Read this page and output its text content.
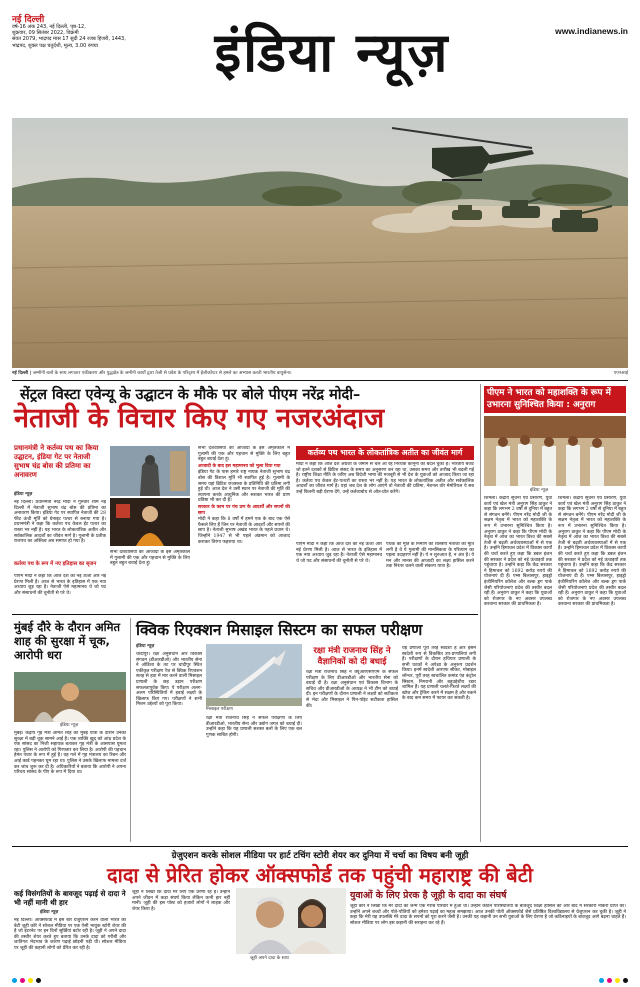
नई दिल्ली
वर्ष-16 अंक 243, नई दिल्ली, पृष्ठ-12,
शुक्रवार, 09 सितंबर 2022, विक्रमी
संवत 2079, भाद्रपद मास 17 सुदी 24 रजब हिजरी, 1443,
भाद्रपद, शुक्ल पक्ष चतुर्दशी, मूल्य, 3.00 रुपया
www.indianews.in
इंडिया न्यूज़
नई दिल्ली | जम्मीनी बलों के साथ लगातार एकीकरण और युद्धक्षेत्र के जमीनी कार्यों द्वारा तेजी से प्रवेश के परिदृश्य में हेलीकॉप्टर से हमले का अभ्यास करती भारतीय वायुसेना।	एएनआई
सेंट्रल विस्टा एवेन्यू के उद्घाटन के मौके पर बोले पीएम नरेंद्र मोदी–
नेताजी के विचार किए गए नजरअंदाज
प्रधानमंत्री ने कर्तव्य पथ का किया उद्घाटन, इंडिया गेट पर नेताजी सुभाष चंद्र बोस की प्रतिमा का अनावरण
इंडिया न्यूज़
नई दिल्ली। प्रधानमंत्री नरेंद्र मोदी ने गुरुवार शाम नई दिल्ली में नेताजी सुभाष चंद्र बोस की प्रतिमा का अनावरण किया। इंडिया गेट पर स्थापित नेताजी की 28 फीट ऊंची मूर्ति को ग्रेनाइट पत्थर से बनाया गया है। प्रधानमंत्री ने कहा कि कर्तव्य पथ केवल ईंट पत्थर का रास्ता भर नहीं है। यह भारत के लोकतांत्रिक अतीत और सर्वकालिक आदर्शों का जीवंत मार्ग है। गुलामी के प्रतीक राजपथ का अस्तित्व अब समाप्त हो गया है।
कर्तव्य पथ के रूप में नए इतिहास का सृजन
पीएम मोदी ने कहा कि आज देश को नई ऊर्जा और नई प्रेरणा मिली है। आज से भारत के इतिहास में एक नया अध्याय जुड़ रहा है। नेताजी ऐसे महामानव थे जो पद और संसाधनों की चुनौती से परे थे।
सभी देशवासियों को आजादी के इस अमृतकाल में गुलामी की एक और पहचान से मुक्ति के लिए बहुत बहुत बधाई देता हूं।
सभी देशवासियों को आजादी के इस अमृतकाल में गुलामी की एक और पहचान से मुक्ति के लिए बहुत बहुत बधाई देता हूं।
आजादी के बाद इस महामानव को भुला दिया गया
इंडिया गेट के पास हमारे राष्ट्र नायक नेताजी सुभाष चंद्र बोस की विशाल मूर्ति भी स्थापित हुई है। गुलामी के समय यहां ब्रिटिश राजसत्ता के प्रतिनिधि की प्रतिमा लगी हुई थी। आज देश ने उसी स्थान पर नेताजी की मूर्ति की स्थापना करके आधुनिक और सशक्त भारत की प्राण प्रतिष्ठा भी कर दी है।
सरकार के काम पर पंच प्रण के आदर्शों और सपनों की छाप
मोदी ने कहा कि 8 वर्षों में हमने एक के बाद एक ऐसे फैसले लिए हैं जिन पर नेताजी के आदर्शों और सपनों की छाप है। नेताजी सुभाष अखंड भारत के पहले प्रधान थे। जिन्होंने 1947 से भी पहले अंडमान को आजाद कराकर तिरंगा फहराया था।
कर्तव्य पथ भारत के लोकतांत्रिक अतीत का जीवंत मार्ग
मोदी ने कहा कि आज देश अंग्रेजों के जमाने से चले आ रहे निरर्थक कानूनों को बदल चुका है। भारतीय बजट जो इतने दशकों से ब्रिटिश संसद के समय का अनुसरण कर रहा था, उसका समय और तारीख भी बदली गई है। राष्ट्रीय शिक्षा नीति के जरिए अब विदेशी भाषा की मजबूरी से भी देश के युवाओं को आजाद किया जा रहा है। कर्तव्य पथ केवल ईंट-पत्थरों का रास्ता भर नहीं है। यह भारत के लोकतांत्रिक अतीत और सर्वकालिक आदर्शों का जीवंत मार्ग है। यहां जब देश के लोग आएंगे तो नेताजी की प्रतिमा, नेशनल वॉर मेमोरियल ये सब उन्हें कितनी बड़ी प्रेरणा देंगे, उन्हें कर्तव्यबोध से ओत-प्रोत करेंगे।
पंथक की मूर्ति के निर्माण को शास्त्रीय नेताजी की मूर्ति लगी है वे ये गुलामी की मानसिकता के परित्याग का पहला उदाहरण नहीं है। ये न शुरुआत है, न अंत है। ये मन और मानस की आजादी का लक्ष्य हासिल करने तक निरंतर चलने वाली संकल्प यात्रा है।
पीएम मोदी ने कहा कि आज देश को नई ऊर्जा और नई प्रेरणा मिली है। आज से भारत के इतिहास में एक नया अध्याय जुड़ रहा है। नेताजी ऐसे महामानव थे जो पद और संसाधनों की चुनौती से परे थे।
पीएम ने भारत को महाशक्ति के रूप में उभारना सुनिश्चित किया : अनुराग
इंडिया न्यूज़
शिमला। केंद्रीय सूचना एवं प्रसारण, युवा कार्य एवं खेल मंत्री अनुराग सिंह ठाकुर ने कहा कि लगभग 2 वर्षों से दुनिया में बहुत से संगठन बनेंगे। पीएम नरेंद्र मोदी जी के सक्षम नेतृत्व में भारत को महाशक्ति के रूप में उभारना सुनिश्चित किया है। अनुराग ठाकुर ने कहा कि पीएम मोदी के नेतृत्व में आज का भारत विश्व की सबसे तेजी से बढ़ती अर्थव्यवस्थाओं में से एक है। उन्होंने हिमाचल प्रदेश में विकास कार्यों की चर्चा करते हुए कहा कि डबल इंजन की सरकार ने प्रदेश को नई ऊंचाइयों तक पहुंचाया है। उन्होंने कहा कि केंद्र सरकार ने हिमाचल को 1692 करोड़ रुपये की योजनाएं दी हैं। एम्स बिलासपुर, हाइड्रो इंजीनियरिंग कॉलेज और बल्क ड्रग पार्क जैसी परियोजनाएं प्रदेश की तस्वीर बदल रही हैं। अनुराग ठाकुर ने कहा कि युवाओं को रोजगार के नए अवसर उपलब्ध करवाना सरकार की प्राथमिकता है।
शिमला। केंद्रीय सूचना एवं प्रसारण, युवा कार्य एवं खेल मंत्री अनुराग सिंह ठाकुर ने कहा कि लगभग 2 वर्षों से दुनिया में बहुत से संगठन बनेंगे। पीएम नरेंद्र मोदी जी के सक्षम नेतृत्व में भारत को महाशक्ति के रूप में उभारना सुनिश्चित किया है। अनुराग ठाकुर ने कहा कि पीएम मोदी के नेतृत्व में आज का भारत विश्व की सबसे तेजी से बढ़ती अर्थव्यवस्थाओं में से एक है। उन्होंने हिमाचल प्रदेश में विकास कार्यों की चर्चा करते हुए कहा कि डबल इंजन की सरकार ने प्रदेश को नई ऊंचाइयों तक पहुंचाया है। उन्होंने कहा कि केंद्र सरकार ने हिमाचल को 1692 करोड़ रुपये की योजनाएं दी हैं। एम्स बिलासपुर, हाइड्रो इंजीनियरिंग कॉलेज और बल्क ड्रग पार्क जैसी परियोजनाएं प्रदेश की तस्वीर बदल रही हैं। अनुराग ठाकुर ने कहा कि युवाओं को रोजगार के नए अवसर उपलब्ध करवाना सरकार की प्राथमिकता है।
मुंबई दौरे के दौरान अमित शाह की सुरक्षा में चूक, आरोपी धरा
इंडिया न्यूज़
मुंबई। केंद्रीय गृह मंत्री अमित शाह की मुंबई यात्रा के दौरान उनकी सुरक्षा में बड़ी चूक सामने आई है। एक व्यक्ति खुद को आंध्र प्रदेश के एक सांसद का निजी सहायक बताकर गृह मंत्री के आसपास घूमता रहा। पुलिस ने आरोपी को गिरफ्तार कर लिया है। आरोपी की पहचान हेमंत पवार के रूप में हुई है। वह गले में गृह मंत्रालय का रिबन और आई कार्ड पहनकर घूम रहा था। पुलिस ने उसके खिलाफ मामला दर्ज कर जांच शुरू कर दी है। अधिकारियों ने बताया कि आरोपी ने अपना परिचय सांसद के पीए के रूप में दिया था।
क्विक रिएक्शन मिसाइल सिस्टम का सफल परीक्षण
इंडिया न्यूज़
चांदीपुर। रक्षा अनुसंधान और विकास संगठन (डीआरडीओ) और भारतीय सेना ने ओडिशा के तट पर चांदीपुर स्थित एकीकृत परीक्षण रेंज से क्विक रिएक्शन सतह से हवा में मार करने वाली मिसाइल प्रणाली के छह उड़ान परीक्षण सफलतापूर्वक किए। ये परीक्षण अलग-अलग परिस्थितियों में हवाई लक्ष्यों के खिलाफ किए गए। परीक्षणों ने सभी मिशन उद्देश्यों को पूरा किया।
मिसाइल परीक्षण
रक्षा मंत्री राजनाथ सिंह ने सफल परीक्षणों के लिए डीआरडीओ, भारतीय सेना और उद्योग जगत को बधाई दी। उन्होंने कहा कि यह प्रणाली सशस्त्र बलों के लिए एक बल गुणक साबित होगी।
रक्षा मंत्री राजनाथ सिंह ने वैज्ञानिकों को दी बधाई
रक्षा मंत्री राजनाथ सिंह ने क्यूआरएसएएम के सफल परीक्षण के लिए डीआरडीओ और भारतीय सेना को बधाई दी है। रक्षा अनुसंधान एवं विकास विभाग के सचिव और डीआरडीओ के अध्यक्ष ने भी टीम को बधाई दी। इन परीक्षणों के दौरान प्रणाली ने लक्ष्यों को सटीकता से भेदा और मिसाइल ने पिन-पॉइंट सटीकता हासिल की।
यह प्रणाली पूरी तरह स्वदेशी है और इसमें स्वदेशी रूप से विकसित उप-प्रणालियां लगी हैं। परीक्षणों के दौरान हथियार प्रणाली के सभी घटकों ने अपेक्षा के अनुरूप प्रदर्शन किया। इनमें स्वदेशी आरएफ सीकर, मोबाइल लॉन्चर, पूरी तरह स्वचालित कमांड एंड कंट्रोल सिस्टम, निगरानी और बहुउद्देशीय रडार शामिल हैं। यह प्रणाली चलते-फिरते लक्ष्यों की खोज और ट्रैकिंग करने में सक्षम है और रुकने के बाद कम समय में फायर कर सकती है।
ग्रेजुएशन करके सोशल मीडिया पर हार्ट टचिंग स्टोरी शेयर कर दुनिया में चर्चा का विषय बनी जूही
दादा से प्रेरित होकर ऑक्सफोर्ड तक पहुंची महाराष्ट्र की बेटी
कई विसंगतियों के बावजूद पढ़ाई से दादा ने भी नहीं मानी थी हार
इंडिया न्यूज़
नई दिल्ली। ऑक्सफोर्ड में इस बार ग्रेजुएशन करने वाली भारत की बेटी जूही कोरे ने सोशल मीडिया पर एक ऐसी भावुक स्टोरी शेयर की है जो इंटरनेट पर इन दिनों सुर्खियां बटोर रही है। जूही ने अपने दादा की तस्वीर शेयर करते हुए बताया कि उनके दादा को गरीबी और जातिगत भेदभाव के कारण पढ़ाई छोड़नी पड़ी थी। सोशल मीडिया पर जूही की कहानी लोगों को प्रेरित कर रही है।
जूही ने लिखा कि दादा मेरे लिए एक प्रेरणा रहे हैं। उन्होंने अपने जीवन में कड़ा संघर्ष किया लेकिन कभी हार नहीं मानी। जूही की इस पोस्ट को हजारों लोगों ने लाइक और शेयर किया है।
जूही अपने दादा के साथ
युवाओं के लिए प्रेरक है जूही के दादा का संघर्ष
जूही कोरे ने लिखा कि मेरे दादा का जन्म एक गरीब परिवार में हुआ था। उन्होंने कठिन परिस्थितियों के बावजूद शिक्षा हासिल की और बाद में सरकारी नौकरी प्राप्त की। उन्होंने अपने बच्चों और पोते-पोतियों को हमेशा पढ़ाई का महत्व समझाया। आज उनकी पोती ऑक्सफोर्ड जैसे प्रतिष्ठित विश्वविद्यालय से ग्रेजुएशन कर चुकी है। जूही ने कहा कि मेरी यह उपलब्धि मेरे दादा के सपनों को पूरा करने जैसी है। उनकी यह कहानी उन सभी युवाओं के लिए प्रेरणा है जो कठिनाइयों के बावजूद आगे बढ़ना चाहते हैं। सोशल मीडिया पर लोग इस कहानी की सराहना कर रहे हैं।
